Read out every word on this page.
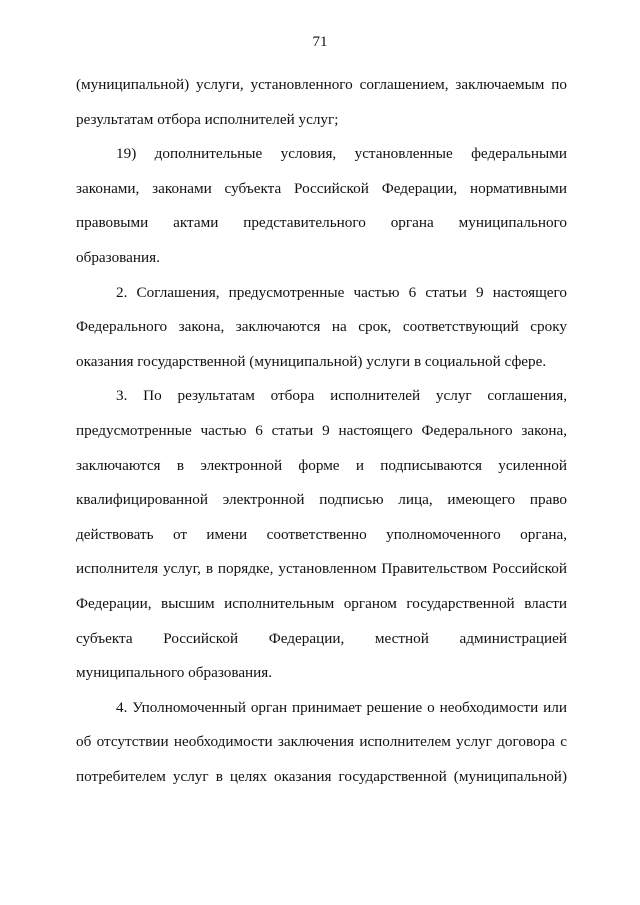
71

(муниципальной) услуги, установленного соглашением, заключаемым по
результатам отбора исполнителей услуг;

19) дополнительные условия, установленные федеральными
законами, законами субъекта Российской Федерации, нормативными
правовыми актами представительного органа муниципального
образования.

2. Соглашения, предусмотренные частью 6 статьи 9 настоящего
Федерального закона, заключаются на срок, соответствующий сроку
оказания государственной (муниципальной) услуги в социальной сфере.

3. По результатам отбора исполнителей услуг соглашения,
предусмотренные частью 6 статьи 9 настоящего Федерального закона,
заключаются в электронной форме и подписываются усиленной
квалифицированной электронной подписью лица, имеющего право
действовать от имени соответственно уполномоченного органа,
исполнителя услуг, в порядке, установленном Правительством Российской
Федерации, высшим исполнительным органом государственной власти
субъекта Российской Федерации, местной администрацией
муниципального образования.

4. Уполномоченный орган принимает решение о необходимости или
об отсутствии необходимости заключения исполнителем услуг договора с
потребителем услуг в целях оказания государственной (муниципальной)
